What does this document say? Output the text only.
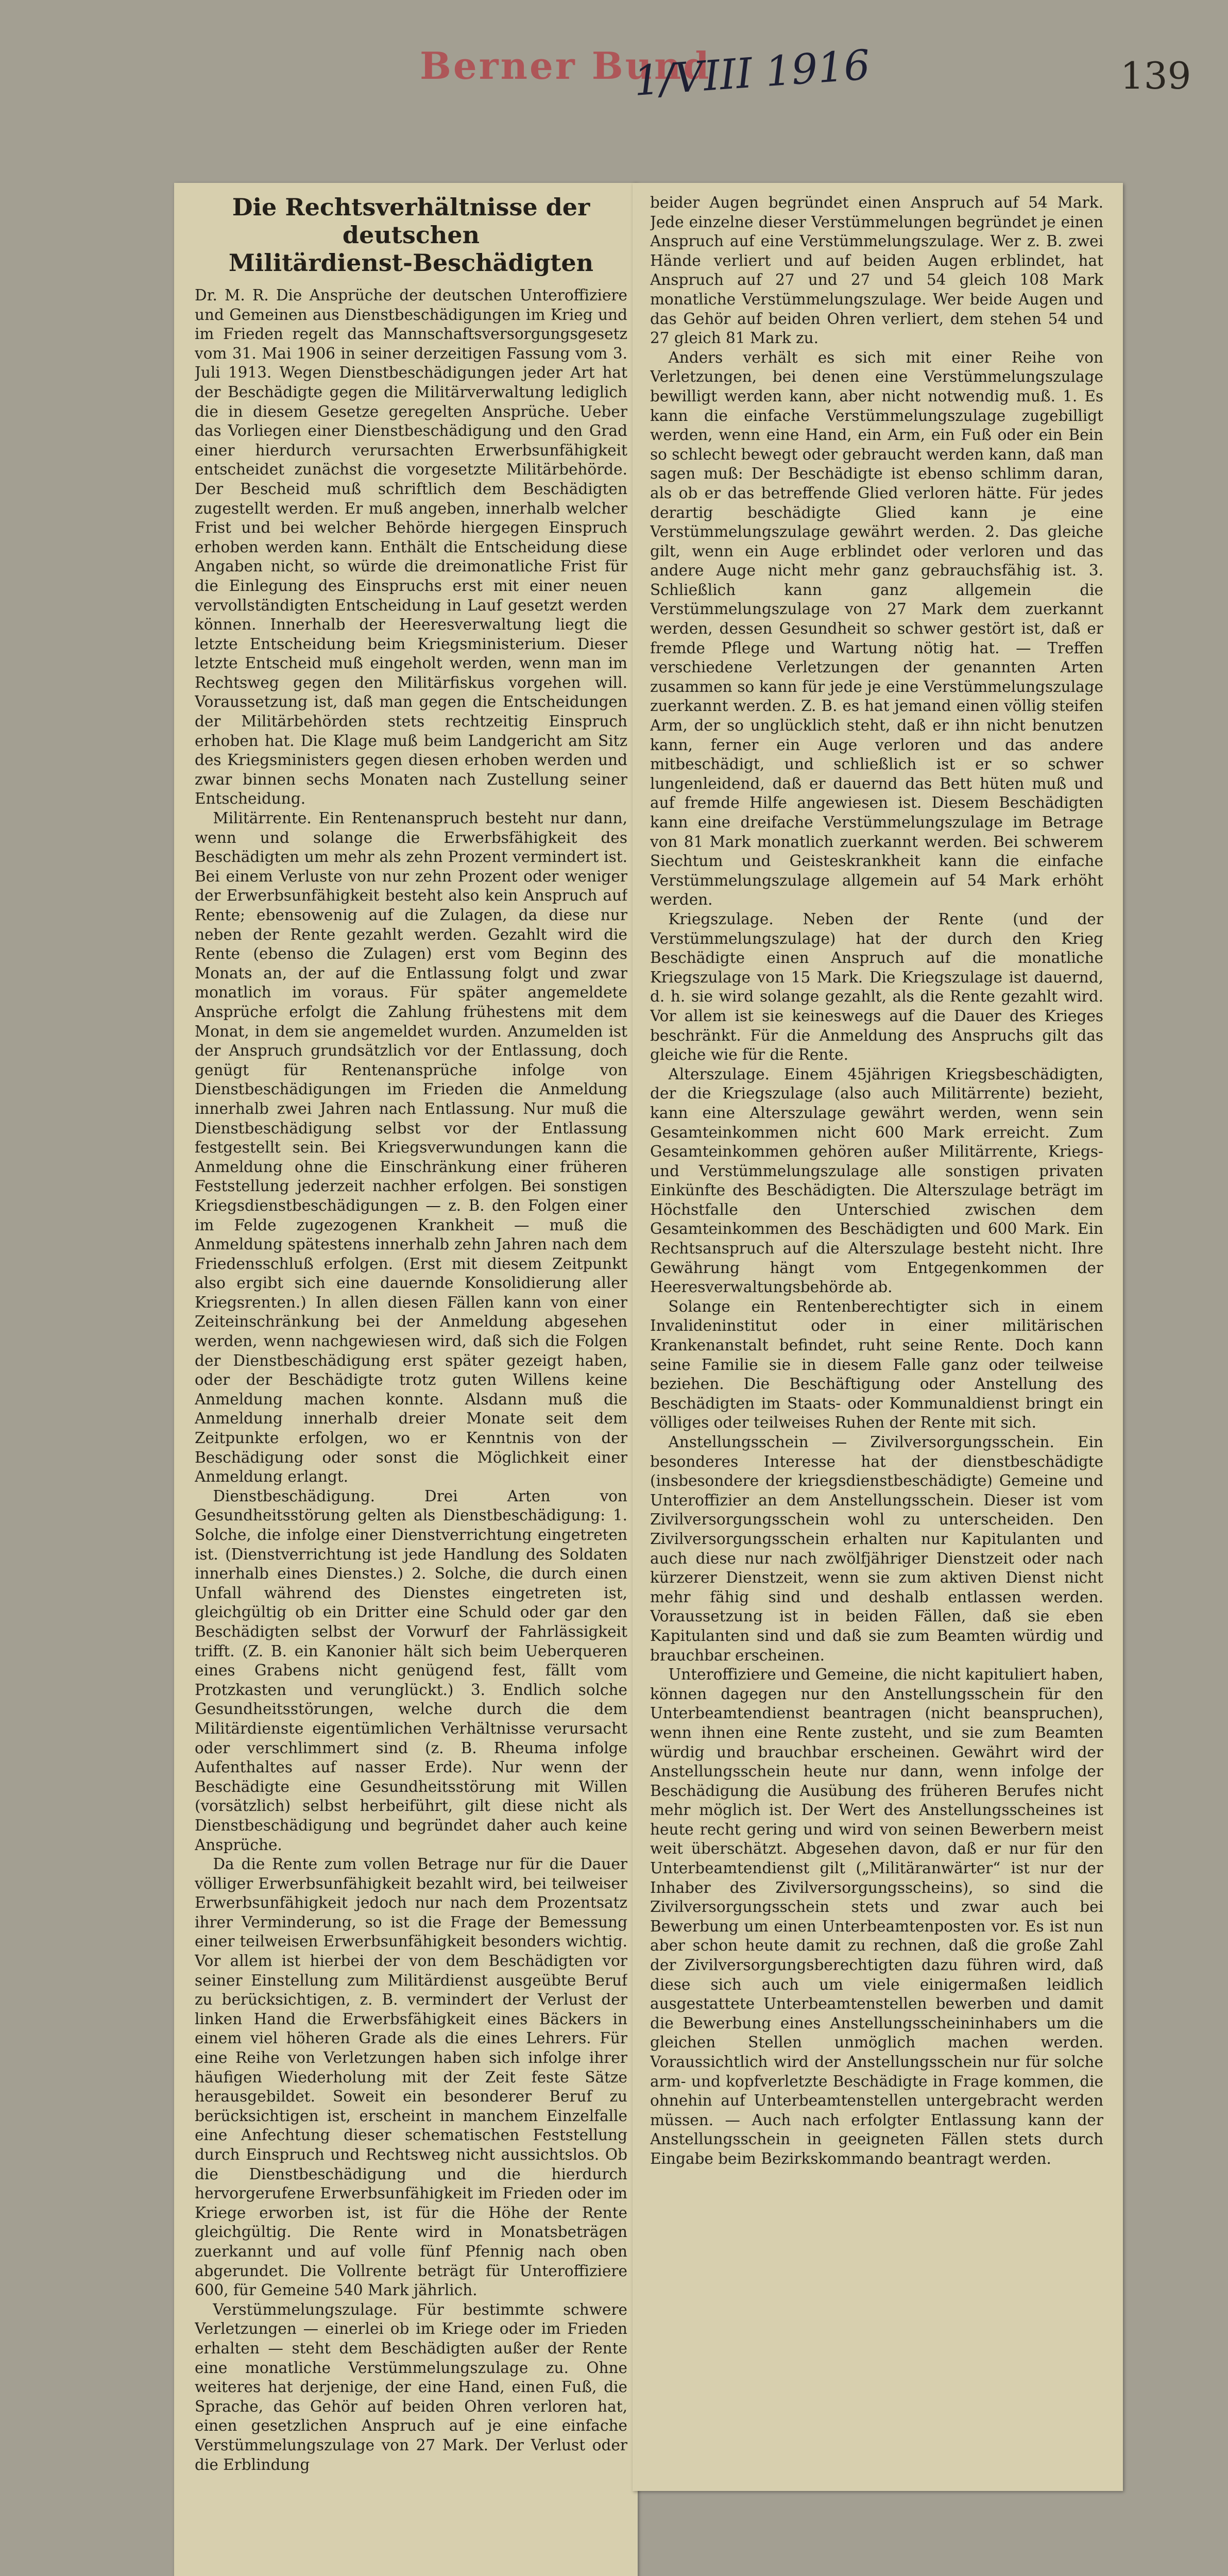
Berner Bund
1/VIII 1916	139
Die Rechtsverhältnisse der deutschen
Militärdienst-Beschädigten

Dr. M. R. Die Ansprüche der deutschen Unteroffiziere und Gemeinen aus Dienstbeschädigungen im Krieg und im Frieden regelt das Mannschaftsversorgungsgesetz vom 31. Mai 1906 in seiner derzeitigen Fassung vom 3. Juli 1913. Wegen Dienstbeschädigungen jeder Art hat der Beschädigte gegen die Militärverwaltung lediglich die in diesem Gesetze geregelten Ansprüche. Ueber das Vorliegen einer Dienstbeschädigung und den Grad einer hierdurch verursachten Erwerbsunfähigkeit entscheidet zunächst die vorgesetzte Militärbehörde. Der Bescheid muß schriftlich dem Beschädigten zugestellt werden. Er muß angeben, innerhalb welcher Frist und bei welcher Behörde hiergegen Einspruch erhoben werden kann. Enthält die Entscheidung diese Angaben nicht, so würde die dreimonatliche Frist für die Einlegung des Einspruchs erst mit einer neuen vervollständigten Entscheidung in Lauf gesetzt werden können. Innerhalb der Heeresverwaltung liegt die letzte Entscheidung beim Kriegsministerium. Dieser letzte Entscheid muß eingeholt werden, wenn man im Rechtsweg gegen den Militärfiskus vorgehen will. Voraussetzung ist, daß man gegen die Entscheidungen der Militärbehörden stets rechtzeitig Einspruch erhoben hat. Die Klage muß beim Landgericht am Sitz des Kriegsministers gegen diesen erhoben werden und zwar binnen sechs Monaten nach Zustellung seiner Entscheidung.

Militärrente. Ein Rentenanspruch besteht nur dann, wenn und solange die Erwerbsfähigkeit des Beschädigten um mehr als zehn Prozent vermindert ist. Bei einem Verluste von nur zehn Prozent oder weniger der Erwerbsunfähigkeit besteht also kein Anspruch auf Rente; ebensowenig auf die Zulagen, da diese nur neben der Rente gezahlt werden. Gezahlt wird die Rente (ebenso die Zulagen) erst vom Beginn des Monats an, der auf die Entlassung folgt und zwar monatlich im voraus. Für später angemeldete Ansprüche erfolgt die Zahlung frühestens mit dem Monat, in dem sie angemeldet wurden. Anzumelden ist der Anspruch grundsätzlich vor der Entlassung, doch genügt für Rentenansprüche infolge von Dienstbeschädigungen im Frieden die Anmeldung innerhalb zwei Jahren nach Entlassung. Nur muß die Dienstbeschädigung selbst vor der Entlassung festgestellt sein. Bei Kriegsverwundungen kann die Anmeldung ohne die Einschränkung einer früheren Feststellung jederzeit nachher erfolgen. Bei sonstigen Kriegsdienstbeschädigungen — z. B. den Folgen einer im Felde zugezogenen Krankheit — muß die Anmeldung spätestens innerhalb zehn Jahren nach dem Friedensschluß erfolgen. (Erst mit diesem Zeitpunkt also ergibt sich eine dauernde Konsolidierung aller Kriegsrenten.) In allen diesen Fällen kann von einer Zeiteinschränkung bei der Anmeldung abgesehen werden, wenn nachgewiesen wird, daß sich die Folgen der Dienstbeschädigung erst später gezeigt haben, oder der Beschädigte trotz guten Willens keine Anmeldung machen konnte. Alsdann muß die Anmeldung innerhalb dreier Monate seit dem Zeitpunkte erfolgen, wo er Kenntnis von der Beschädigung oder sonst die Möglichkeit einer Anmeldung erlangt.

Dienstbeschädigung. Drei Arten von Gesundheitsstörung gelten als Dienstbeschädigung: 1. Solche, die infolge einer Dienstverrichtung eingetreten ist. (Dienstverrichtung ist jede Handlung des Soldaten innerhalb eines Dienstes.) 2. Solche, die durch einen Unfall während des Dienstes eingetreten ist, gleichgültig ob ein Dritter eine Schuld oder gar den Beschädigten selbst der Vorwurf der Fahrlässigkeit trifft. (Z. B. ein Kanonier hält sich beim Ueberqueren eines Grabens nicht genügend fest, fällt vom Protzkasten und verunglückt.) 3. Endlich solche Gesundheitsstörungen, welche durch die dem Militärdienste eigentümlichen Verhältnisse verursacht oder verschlimmert sind (z. B. Rheuma infolge Aufenthaltes auf nasser Erde). Nur wenn der Beschädigte eine Gesundheitsstörung mit Willen (vorsätzlich) selbst herbeiführt, gilt diese nicht als Dienstbeschädigung und begründet daher auch keine Ansprüche.

Da die Rente zum vollen Betrage nur für die Dauer völliger Erwerbsunfähigkeit bezahlt wird, bei teilweiser Erwerbsunfähigkeit jedoch nur nach dem Prozentsatz ihrer Verminderung, so ist die Frage der Bemessung einer teilweisen Erwerbsunfähigkeit besonders wichtig. Vor allem ist hierbei der von dem Beschädigten vor seiner Einstellung zum Militärdienst ausgeübte Beruf zu berücksichtigen, z. B. vermindert der Verlust der linken Hand die Erwerbsfähigkeit eines Bäckers in einem viel höheren Grade als die eines Lehrers. Für eine Reihe von Verletzungen haben sich infolge ihrer häufigen Wiederholung mit der Zeit feste Sätze herausgebildet. Soweit ein besonderer Beruf zu berücksichtigen ist, erscheint in manchem Einzelfalle eine Anfechtung dieser schematischen Feststellung durch Einspruch und Rechtsweg nicht aussichtslos. Ob die Dienstbeschädigung und die hierdurch hervorgerufene Erwerbsunfähigkeit im Frieden oder im Kriege erworben ist, ist für die Höhe der Rente gleichgültig. Die Rente wird in Monatsbeträgen zuerkannt und auf volle fünf Pfennig nach oben abgerundet. Die Vollrente beträgt für Unteroffiziere 600, für Gemeine 540 Mark jährlich.

Verstümmelungszulage. Für bestimmte schwere Verletzungen — einerlei ob im Kriege oder im Frieden erhalten — steht dem Beschädigten außer der Rente eine monatliche Verstümmelungszulage zu. Ohne weiteres hat derjenige, der eine Hand, einen Fuß, die Sprache, das Gehör auf beiden Ohren verloren hat, einen gesetzlichen Anspruch auf je eine einfache Verstümmelungszulage von 27 Mark. Der Verlust oder die Erblindung

beider Augen begründet einen Anspruch auf 54 Mark. Jede einzelne dieser Verstümmelungen begründet je einen Anspruch auf eine Verstümmelungszulage. Wer z. B. zwei Hände verliert und auf beiden Augen erblindet, hat Anspruch auf 27 und 27 und 54 gleich 108 Mark monatliche Verstümmelungszulage. Wer beide Augen und das Gehör auf beiden Ohren verliert, dem stehen 54 und 27 gleich 81 Mark zu.

Anders verhält es sich mit einer Reihe von Verletzungen, bei denen eine Verstümmelungszulage bewilligt werden kann, aber nicht notwendig muß. 1. Es kann die einfache Verstümmelungszulage zugebilligt werden, wenn eine Hand, ein Arm, ein Fuß oder ein Bein so schlecht bewegt oder gebraucht werden kann, daß man sagen muß: Der Beschädigte ist ebenso schlimm daran, als ob er das betreffende Glied verloren hätte. Für jedes derartig beschädigte Glied kann je eine Verstümmelungszulage gewährt werden. 2. Das gleiche gilt, wenn ein Auge erblindet oder verloren und das andere Auge nicht mehr ganz gebrauchsfähig ist. 3. Schließlich kann ganz allgemein die Verstümmelungszulage von 27 Mark dem zuerkannt werden, dessen Gesundheit so schwer gestört ist, daß er fremde Pflege und Wartung nötig hat. — Treffen verschiedene Verletzungen der genannten Arten zusammen so kann für jede je eine Verstümmelungszulage zuerkannt werden. Z. B. es hat jemand einen völlig steifen Arm, der so unglücklich steht, daß er ihn nicht benutzen kann, ferner ein Auge verloren und das andere mitbeschädigt, und schließlich ist er so schwer lungenleidend, daß er dauernd das Bett hüten muß und auf fremde Hilfe angewiesen ist. Diesem Beschädigten kann eine dreifache Verstümmelungszulage im Betrage von 81 Mark monatlich zuerkannt werden. Bei schwerem Siechtum und Geisteskrankheit kann die einfache Verstümmelungszulage allgemein auf 54 Mark erhöht werden.

Kriegszulage. Neben der Rente (und der Verstümmelungszulage) hat der durch den Krieg Beschädigte einen Anspruch auf die monatliche Kriegszulage von 15 Mark. Die Kriegszulage ist dauernd, d. h. sie wird solange gezahlt, als die Rente gezahlt wird. Vor allem ist sie keineswegs auf die Dauer des Krieges beschränkt. Für die Anmeldung des Anspruchs gilt das gleiche wie für die Rente.

Alterszulage. Einem 45jährigen Kriegsbeschädigten, der die Kriegszulage (also auch Militärrente) bezieht, kann eine Alterszulage gewährt werden, wenn sein Gesamteinkommen nicht 600 Mark erreicht. Zum Gesamteinkommen gehören außer Militärrente, Kriegs- und Verstümmelungszulage alle sonstigen privaten Einkünfte des Beschädigten. Die Alterszulage beträgt im Höchstfalle den Unterschied zwischen dem Gesamteinkommen des Beschädigten und 600 Mark. Ein Rechtsanspruch auf die Alterszulage besteht nicht. Ihre Gewährung hängt vom Entgegenkommen der Heeresverwaltungsbehörde ab.

Solange ein Rentenberechtigter sich in einem Invalideninstitut oder in einer militärischen Krankenanstalt befindet, ruht seine Rente. Doch kann seine Familie sie in diesem Falle ganz oder teilweise beziehen. Die Beschäftigung oder Anstellung des Beschädigten im Staats- oder Kommunaldienst bringt ein völliges oder teilweises Ruhen der Rente mit sich.

Anstellungsschein — Zivilversorgungsschein. Ein besonderes Interesse hat der dienstbeschädigte (insbesondere der kriegsdienstbeschädigte) Gemeine und Unteroffizier an dem Anstellungsschein. Dieser ist vom Zivilversorgungsschein wohl zu unterscheiden. Den Zivilversorgungsschein erhalten nur Kapitulanten und auch diese nur nach zwölfjähriger Dienstzeit oder nach kürzerer Dienstzeit, wenn sie zum aktiven Dienst nicht mehr fähig sind und deshalb entlassen werden. Voraussetzung ist in beiden Fällen, daß sie eben Kapitulanten sind und daß sie zum Beamten würdig und brauchbar erscheinen.

Unteroffiziere und Gemeine, die nicht kapituliert haben, können dagegen nur den Anstellungsschein für den Unterbeamtendienst beantragen (nicht beanspruchen), wenn ihnen eine Rente zusteht, und sie zum Beamten würdig und brauchbar erscheinen. Gewährt wird der Anstellungsschein heute nur dann, wenn infolge der Beschädigung die Ausübung des früheren Berufes nicht mehr möglich ist. Der Wert des Anstellungsscheines ist heute recht gering und wird von seinen Bewerbern meist weit überschätzt. Abgesehen davon, daß er nur für den Unterbeamtendienst gilt („Militäranwärter“ ist nur der Inhaber des Zivilversorgungsscheins), so sind die Zivilversorgungsschein stets und zwar auch bei Bewerbung um einen Unterbeamtenposten vor. Es ist nun aber schon heute damit zu rechnen, daß die große Zahl der Zivilversorgungsberechtigten dazu führen wird, daß diese sich auch um viele einigermaßen leidlich ausgestattete Unterbeamtenstellen bewerben und damit die Bewerbung eines Anstellungsscheininhabers um die gleichen Stellen unmöglich machen werden. Voraussichtlich wird der Anstellungsschein nur für solche arm- und kopfverletzte Beschädigte in Frage kommen, die ohnehin auf Unterbeamtenstellen untergebracht werden müssen. — Auch nach erfolgter Entlassung kann der Anstellungsschein in geeigneten Fällen stets durch Eingabe beim Bezirkskommando beantragt werden.
